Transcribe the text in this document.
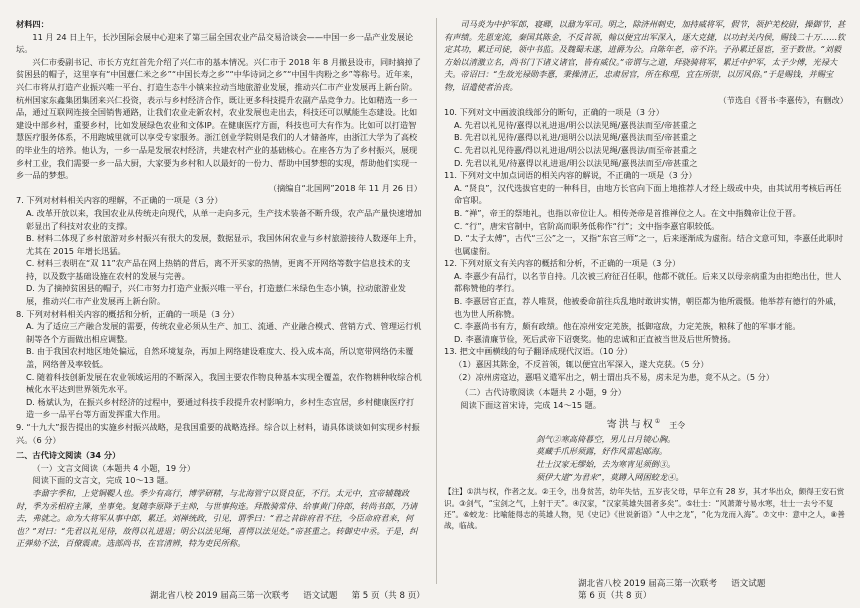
材料四：

11 月 24 日上午，长沙国际会展中心迎来了第三届全国农业产品交易洽谈会——中国一乡一品产业发展论坛。

兴仁市委副书记、市长方克红首先介绍了兴仁市的基本情况。兴仁市于 2018 年 8 月撤县设市，同时摘掉了贫困县的帽子，这里享有“中国薏仁米之乡”“中国长寿之乡”“中华诗词之乡”“中国牛肉粉之乡”等称号。近年来，兴仁市将从打造产业振兴唯一平台、打造生态牛小镇来拉动当地旅游业发展，推动兴仁市产业发展再上新台阶。杭州国家东鑫集团集团来兴仁投资，表示与乡村经济合作，既让更多科技提升农副产品竞争力。比如精选一乡一品，通过互联网连接全国销售通路，让我们农业走新农村，农业发展也走出去，科技还可以赋能生态建设。比如建设中部乡村，重要乡村，比如发展绿色农业和文体IP。在健康医疗方面，科技也可大有作为。比如可以打造智慧医疗服务体系，不用跑城里就可以享受专家服务。浙江创业学院则是我们的人才储备库，由浙江大学为了高校的毕业生的培养。他认为，一乡一品是发展农村经济，共建农村产业的基础核心。在座各方为了乡村振兴，展现乡村工业，我们需要一乡一品大厨，大家要为乡村和人以最好的一份力、帮助中国梦想的实现，帮助他们实现一乡一品的梦想。

（摘编自“北国网”2018 年 11 月 26 日）

7. 下列对材料相关内容的理解，不正确的一项是（3 分）

A. 改革开放以来，我国农业从传统走向现代，从单一走向多元，生产技术装备不断升级，农产品产量快速增加彰显出了科技对农业的支撑。

B. 材料二体现了乡村旅游对乡村振兴有很大的发展，数据显示，我国休闲农业与乡村旅游接待人数逐年上升，尤其在 2015 年增长迅猛。

C. 材料三表明在“双 11”农产品在网上热销的背后，离不开买家的热情，更离不开网络等数字信息技术的支持，以及数字基础设施在农村的发展与完善。

D. 为了摘掉贫困县的帽子，兴仁市努力打造产业振兴唯一平台，打造薏仁米绿色生态小镇，拉动旅游业发展，推动兴仁市产业发展再上新台阶。

8. 下列对材料相关内容的概括和分析，正确的一项是（3 分）

A. 为了适应三产融合发展的需要，传统农业必须从生产、加工、流通、产业融合模式、营销方式、管理运行机制等各个方面做出相应调整。

B. 由于我国农村地区地处偏远，自然环境复杂，再加上网络建设难度大、投入成本高，所以宽带网络仍未覆盖，网络普及率较低。

C. 随着科技创新发展在农业领域运用的不断深入，我国主要农作物良种基本实现全覆盖，农作物耕种收综合机械化水平达到世界领先水平。

D. 杨斌认为，在振兴乡村经济的过程中，要通过科技手段提升农村影响力，乡村生态宜居，乡村健康医疗打造一乡一品平台等方面发挥重大作用。

9. “十九大”报告提出的实施乡村振兴战略，是我国重要的战略选择。综合以上材料，请具体谈谈如何实现乡村振兴。（6 分）

二、古代诗文阅读（34 分）

（一）文言文阅读（本题共 4 小题，19 分）

阅读下面的文言文，完成 10～13 题。

李鼐字季和，上党铜鞮人也。季少有高行，博学研精，与北海管宁以贤良征，不行。太元中，宜帝辅魏政时，季为丞相府主簿，坐事免。复随李原降于主帅，与世事拘连。拜散骑常侍、给事黄门侍郎，转尚书郎，乃请去，弗就之。命为大将军从事中郎，累迁。刘禅统政，引见，谓季曰：“君之昔辟府君不往，今臣命府君来，何也？”对曰：“先君以礼见待，故得以礼进退；明公以法见绳，喜愕以法见处。”帝甚重之。转御史中丞。于是，纠正弹劾不法，百僚震肃。选部尚书，在官清辨，特为吏民所称。

司马炎为中护军郎，寝卿，以鼐为军司。明之，除济州刺史，加持威将军，假节，领护羌校尉，操御节，甚有声绩。先恩宠流，秦国其陈金，不反首领，翰以便宜出军深入，逐大克捷，以功封关内侯，赐钱二十万……钦定其功，累迁司徒，领中书监。及魏蜀未遂，进爵为公。自陈年老，帝不许。子孙累迁显宦，至于数世。“刘毅方始以清激立名，尚书门下诸义诸官，皆有威仪。”帝谓与之道，拜骁骑将军，累迁中护军，太子少傅，光禄大夫。帝诏曰：“生故光禄勋李憙，秉操清正，忠肃居官，所在称理，宜在所崇，以厉风俗。”于是赐钱，并赐宝物，诏遣使者治丧。

（节选自《晋书·李憙传》，有删改）

10. 下列对文中画波浪线部分的断句，正确的一项是（3 分）

A. 先君以礼见待/憙得以礼进退/明公以法见绳/憙畏法而至/帝甚重之

B. 先君以礼见待/憙得以礼进/退明公以法见绳/憙畏法而至/帝甚重之

C. 先君以礼见待憙/得以礼进退/明公以法见绳/憙畏法/而至帝甚重之

D. 先君以礼见/待憙得以礼进退/明公以法见绳/憙畏法而至/帝甚重之

11. 下列对文中加点词语的相关内容的解说，不正确的一项是（3 分）

A. “贤良”，汉代选拔官吏的一种科目，由地方长官向下面上地推荐人才经上级或中央，由其试用考核后再任命官职。

B. “禅”，帝王的祭地礼，也指以帝位让人。相传尧帝是首推禅位之人。在文中指魏帝让位于晋。

C. “行”，唐宋官制中，官阶高而职务低称作“行”；文中指李憙官职较低。

D. “太子太傅”，古代“三公”之一，又指“东宫三师”之一，后来逐渐成为虚衔。结合文意可知，李憙任此职时也属虚衔。

12. 下列对原文有关内容的概括和分析，不正确的一项是（3 分）

A. 李憙少有品行，以名节自持。几次被三府征召任职，他都不就任。后来又以母亲病重为由拒绝出仕，世人都称赞他的孝行。

B. 李憙居官正直，荐人唯贤，他被委命前往兵乱地时敢讲实情，朝臣都为他所震慑。他举荐有德行的外戚，也为世人所称赞。

C. 李憙尚书有方，颇有政绩。他在凉州安定羌族，抵御寇敌，力定羌族，粮秣了他的军事才能。

D. 李憙清廉节俭，死后武帝下诏褒奖。他的忠诚和正直被当世及后世所赞扬。

13. 把文中画横线的句子翻译成现代汉语。（10 分）

（1）憙因其陈金，不反首领，辄以便宜出军深入，遂大克获。（5 分）

（2）凉州虏寇边，憙唱义遣军出之，朝士谓出兵不易，虏未足为患，竟不从之。（5 分）

（二）古代诗歌阅读（本题共 2 小题，9 分）

阅读下面这首宋诗，完成 14～15 题。

寄洪与权① 王令

剑气②寒高倚暮空，男儿日月镜心胸。

莫藏手爪形须露，好作风雷起邮海。

壮士汉家无缪始，去为寒宵见须倒③。

须伊大道“为君来”，莫蹲入网困蛟龙④。

【注】①洪与权，作者之友。②王令，出身贫苦，幼年失怙，五岁丧父母，早年立有 28 岁，其才华出众，颇得王安石赏识。③剑气，“宝剑之气，上射于天”。④汉家，“汉家英雄失国者多矣”。⑤壮士：“风萧萧兮易水寒，壮士一去兮不复还”。⑥蛟龙：比喻能得志的英雄人物，见《史记》《世说新语》“人中之龙”，“化为龙而入海”。⑦文中：意中之人，⑧善战，临战。

湖北省八校 2019 届高三第一次联考 语文试题 第 5 页（共 8 页）
湖北省八校 2019 届高三第一次联考 语文试题第 6 页（共 8 页）
